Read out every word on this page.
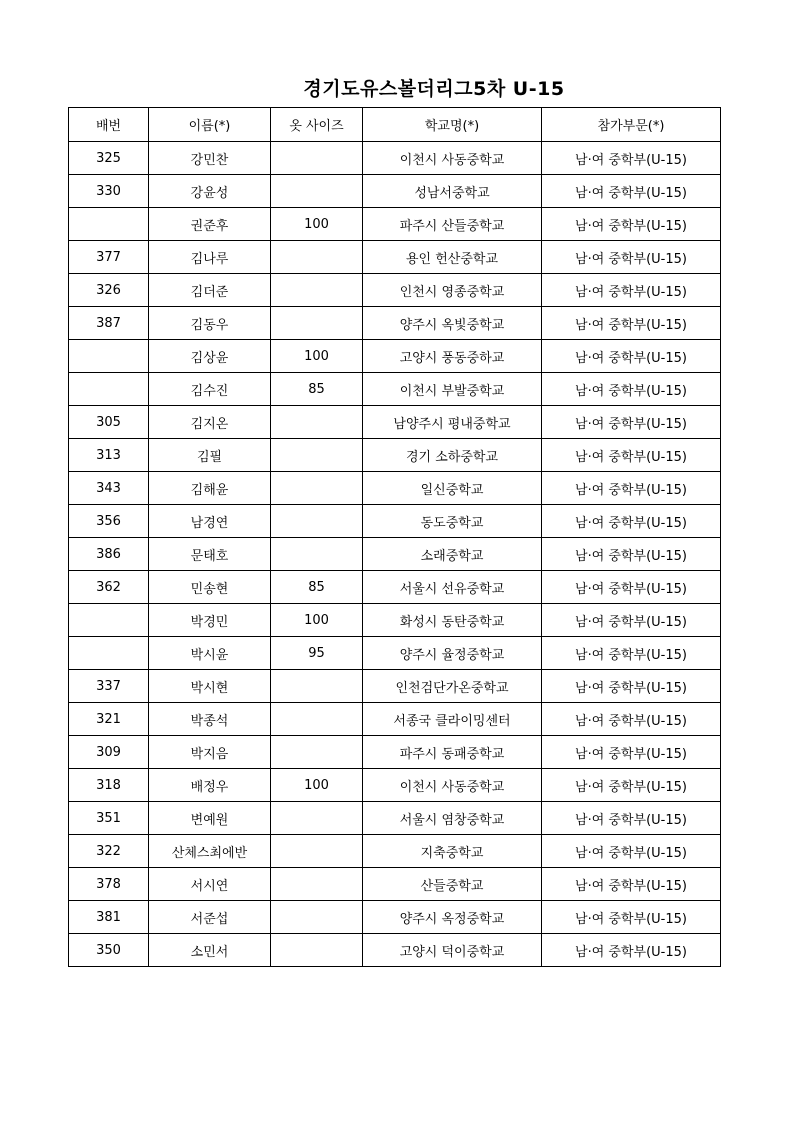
경기도유스볼더리그5차 U-15
배번	이름(*)	옷 사이즈	학교명(*)	참가부문(*)
325	강민찬		이천시 사동중학교	남·여 중학부(U-15)
330	강윤성		성남서중학교	남·여 중학부(U-15)
	권준후	100	파주시 산들중학교	남·여 중학부(U-15)
377	김나루		용인 헌산중학교	남·여 중학부(U-15)
326	김더준		인천시 영종중학교	남·여 중학부(U-15)
387	김동우		양주시 옥빛중학교	남·여 중학부(U-15)
	김상윤	100	고양시 풍동중하교	남·여 중학부(U-15)
	김수진	85	이천시 부발중학교	남·여 중학부(U-15)
305	김지온		남양주시 평내중학교	남·여 중학부(U-15)
313	김필		경기 소하중학교	남·여 중학부(U-15)
343	김해윤		일신중학교	남·여 중학부(U-15)
356	남경연		동도중학교	남·여 중학부(U-15)
386	문태호		소래중학교	남·여 중학부(U-15)
362	민송현	85	서울시 선유중학교	남·여 중학부(U-15)
	박경민	100	화성시 동탄중학교	남·여 중학부(U-15)
	박시윤	95	양주시 율정중학교	남·여 중학부(U-15)
337	박시현		인천검단가온중학교	남·여 중학부(U-15)
321	박종석		서종국 클라이밍센터	남·여 중학부(U-15)
309	박지음		파주시 동패중학교	남·여 중학부(U-15)
318	배정우	100	이천시 사동중학교	남·여 중학부(U-15)
351	변예원		서울시 염창중학교	남·여 중학부(U-15)
322	산체스최에반		지축중학교	남·여 중학부(U-15)
378	서시연		산들중학교	남·여 중학부(U-15)
381	서준섭		양주시 옥정중학교	남·여 중학부(U-15)
350	소민서		고양시 덕이중학교	남·여 중학부(U-15)
